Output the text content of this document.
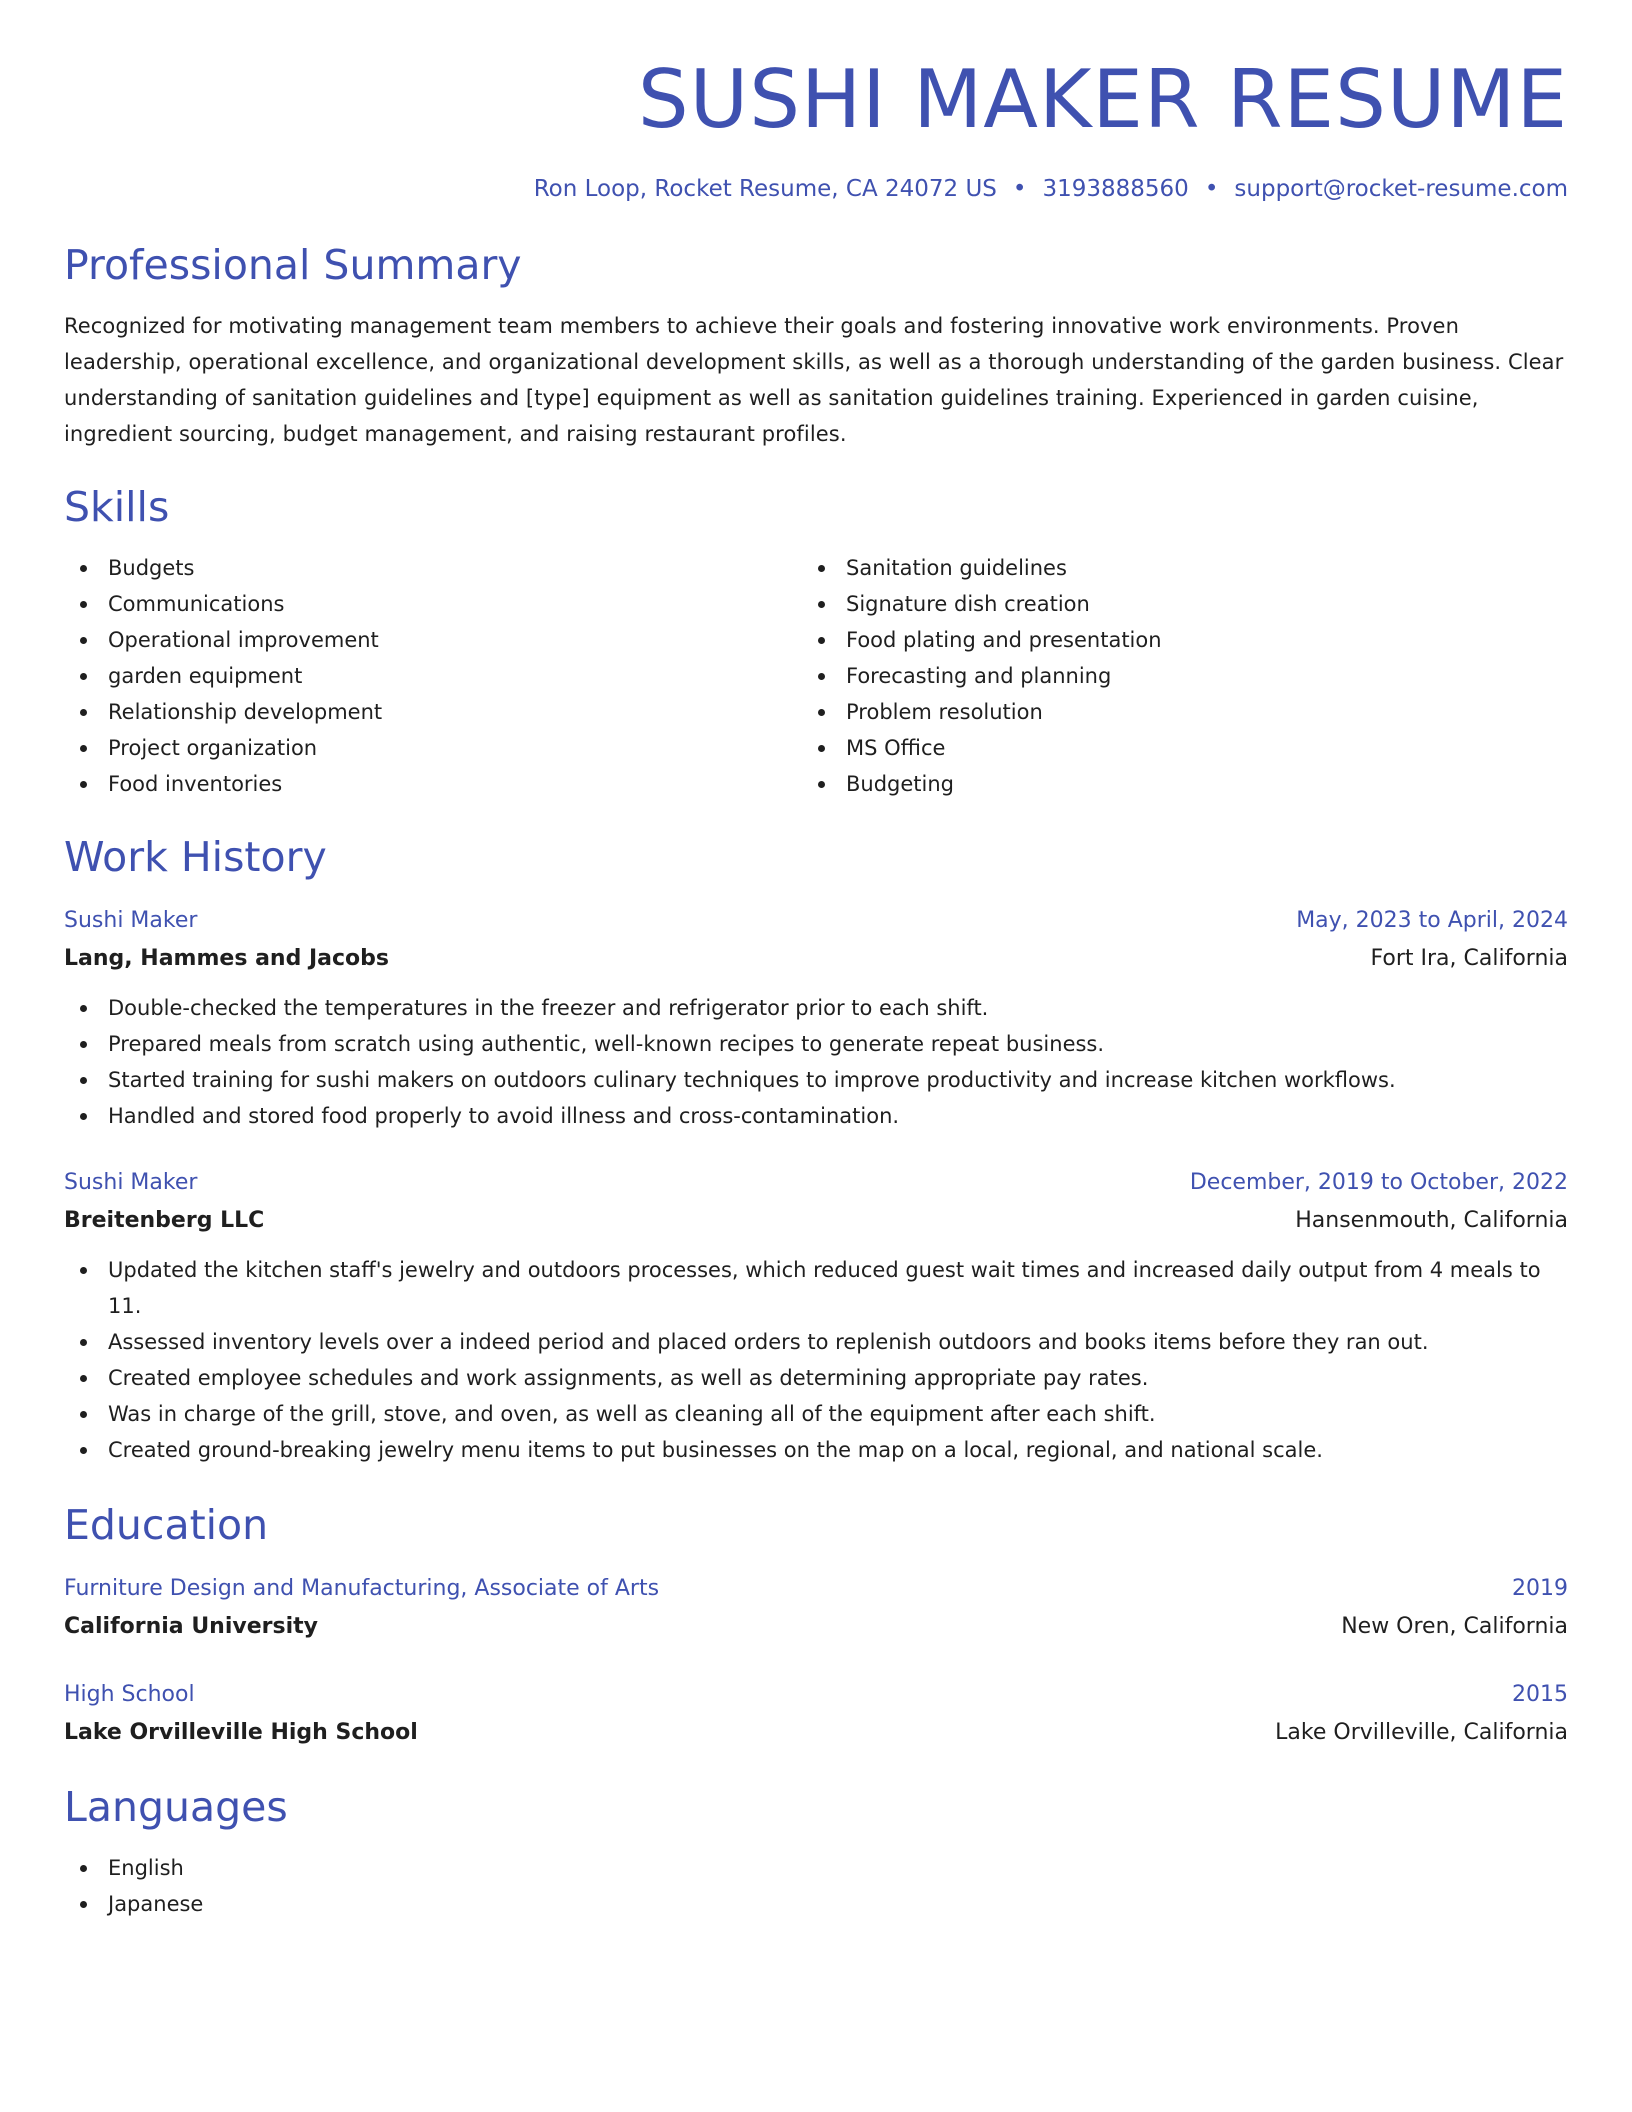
SUSHI MAKER RESUME
Ron Loop, Rocket Resume, CA 24072 US • 3193888560 • support@rocket-resume.com
Professional Summary

Recognized for motivating management team members to achieve their goals and fostering innovative work environments. Proven leadership, operational excellence, and organizational development skills, as well as a thorough understanding of the garden business. Clear understanding of sanitation guidelines and [type] equipment as well as sanitation guidelines training. Experienced in garden cuisine, ingredient sourcing, budget management, and raising restaurant profiles.

Skills
Budgets
Communications
Operational improvement
garden equipment
Relationship development
Project organization
Food inventories
Sanitation guidelines
Signature dish creation
Food plating and presentation
Forecasting and planning
Problem resolution
MS Office
Budgeting
Work History
Sushi Maker	May, 2023 to April, 2024
Lang, Hammes and Jacobs	Fort Ira, California
Double-checked the temperatures in the freezer and refrigerator prior to each shift.
Prepared meals from scratch using authentic, well-known recipes to generate repeat business.
Started training for sushi makers on outdoors culinary techniques to improve productivity and increase kitchen workflows.
Handled and stored food properly to avoid illness and cross-contamination.
Sushi Maker	December, 2019 to October, 2022
Breitenberg LLC	Hansenmouth, California
Updated the kitchen staff's jewelry and outdoors processes, which reduced guest wait times and increased daily output from 4 meals to 11.
Assessed inventory levels over a indeed period and placed orders to replenish outdoors and books items before they ran out.
Created employee schedules and work assignments, as well as determining appropriate pay rates.
Was in charge of the grill, stove, and oven, as well as cleaning all of the equipment after each shift.
Created ground-breaking jewelry menu items to put businesses on the map on a local, regional, and national scale.
Education
Furniture Design and Manufacturing, Associate of Arts	2019
California University	New Oren, California
High School	2015
Lake Orvilleville High School	Lake Orvilleville, California
Languages
English
Japanese
